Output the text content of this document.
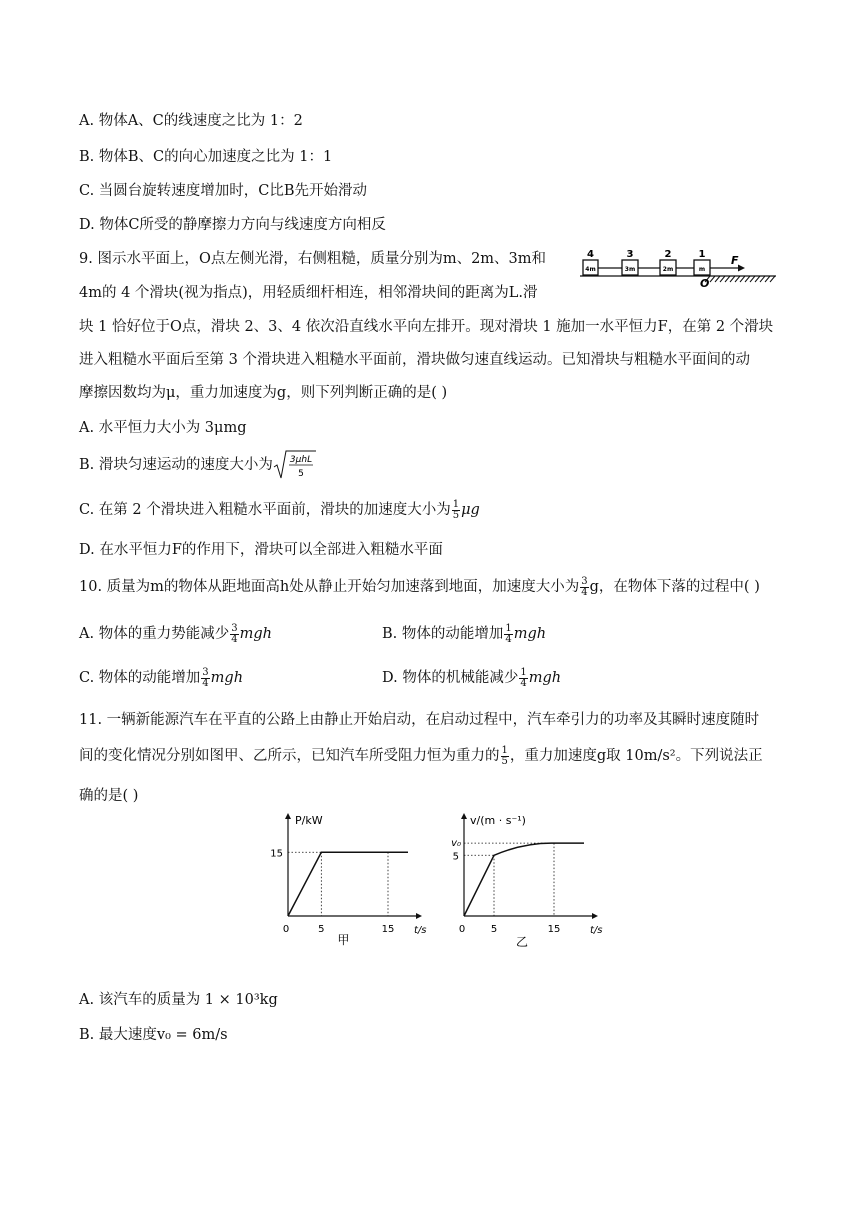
A. 物体A、C的线速度之比为 1：2
B. 物体B、C的向心加速度之比为 1：1
C. 当圆台旋转速度增加时，C比B先开始滑动
D. 物体C所受的静摩擦力方向与线速度方向相反
9. 图示水平面上，O点左侧光滑，右侧粗糙，质量分别为m、2m、3m和
4m的 4 个滑块(视为指点)，用轻质细杆相连，相邻滑块间的距离为L.滑
块 1 恰好位于O点，滑块 2、3、4 依次沿直线水平向左排开。现对滑块 1 施加一水平恒力F，在第 2 个滑块
进入粗糙水平面后至第 3 个滑块进入粗糙水平面前，滑块做匀速直线运动。已知滑块与粗糙水平面间的动
摩擦因数均为μ，重力加速度为g，则下列判断正确的是( )
4m	3m	2m	m
4	3	2	1 F
O
A. 水平恒力大小为 3μmg
B. 滑块匀速运动的速度大小为 3μhL
5
C. 在第 2 个滑块进入粗糙水平面前，滑块的加速度大小为 $\frac{1}{5}$ μg
D. 在水平恒力F的作用下，滑块可以全部进入粗糙水平面
10. 质量为m的物体从距地面高h处从静止开始匀加速落到地面，加速度大小为 $\frac{3}{4}$ g，在物体下落的过程中( )
A. 物体的重力势能减少 $\frac{3}{4}$ mgh	B. 物体的动能增加 $\frac{1}{4}$ mgh
C. 物体的动能增加 $\frac{3}{4}$ mgh	D. 物体的机械能减少 $\frac{1}{4}$ mgh
11. 一辆新能源汽车在平直的公路上由静止开始启动，在启动过程中，汽车牵引力的功率及其瞬时速度随时
间的变化情况分别如图甲、乙所示，已知汽车所受阻力恒为重力的 $\frac{1}{5}$ ，重力加速度g取 10m/s²。下列说法正
确的是( )
P/kW
t/s
甲
0	5	15
15
v/(m · s⁻¹)
t/s
乙
0	5	15
5
v₀
A. 该汽车的质量为 1 × 10³kg
B. 最大速度v₀ = 6m/s
